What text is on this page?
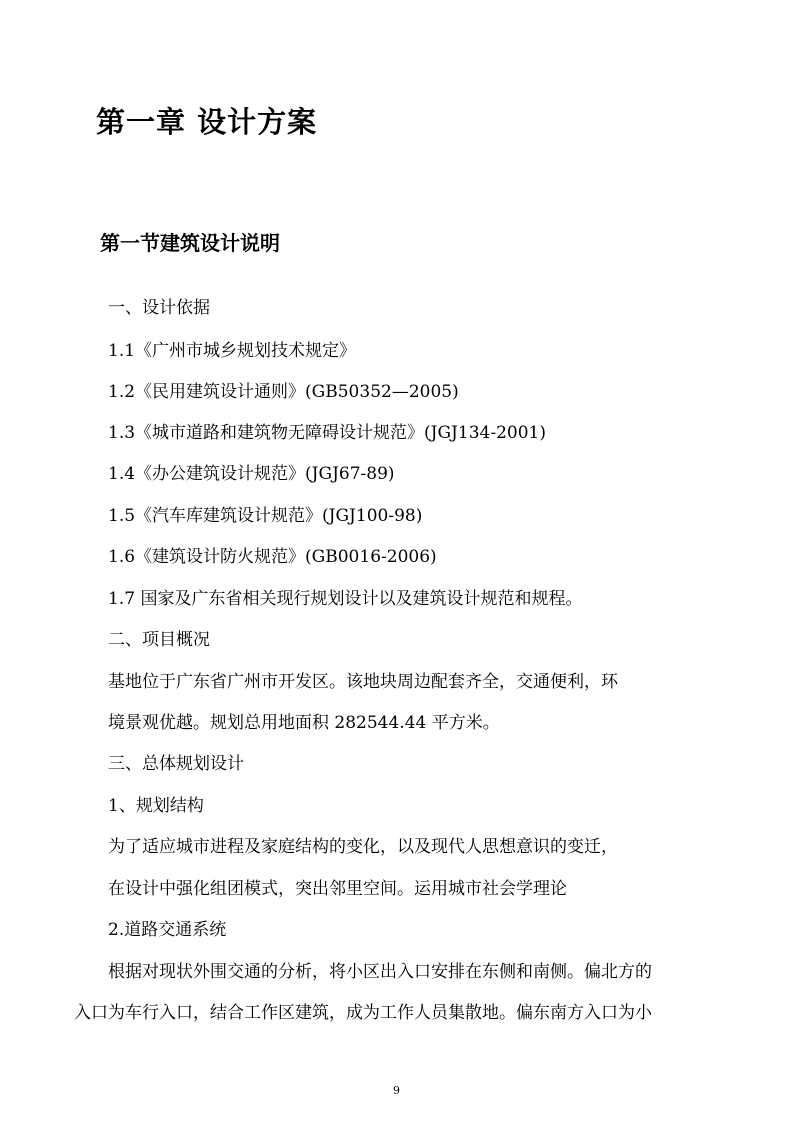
第一章 设计方案
第一节建筑设计说明
一、设计依据
1.1《广州市城乡规划技术规定》
1.2《民用建筑设计通则》(GB50352—2005)
1.3《城市道路和建筑物无障碍设计规范》(JGJ134-2001)
1.4《办公建筑设计规范》(JGJ67-89)
1.5《汽车库建筑设计规范》(JGJ100-98)
1.6《建筑设计防火规范》(GB0016-2006)
1.7 国家及广东省相关现行规划设计以及建筑设计规范和规程。
二、项目概况
基地位于广东省广州市开发区。该地块周边配套齐全，交通便利，环
境景观优越。规划总用地面积 282544.44 平方米。
三、总体规划设计
1、规划结构
为了适应城市进程及家庭结构的变化，以及现代人思想意识的变迁，
在设计中强化组团模式，突出邻里空间。运用城市社会学理论
2.道路交通系统
根据对现状外围交通的分析，将小区出入口安排在东侧和南侧。偏北方的
入口为车行入口，结合工作区建筑，成为工作人员集散地。偏东南方入口为小
9
